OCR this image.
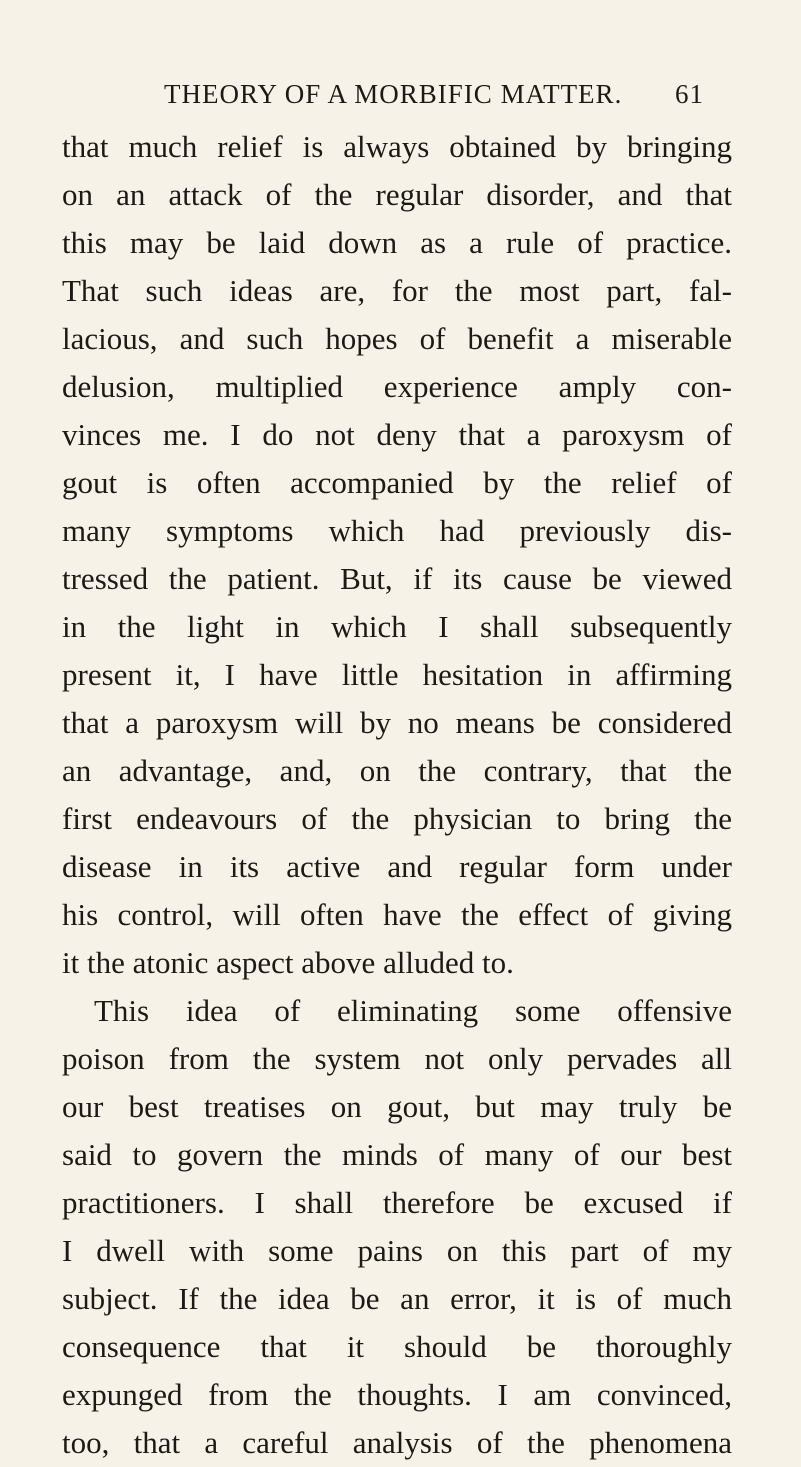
THEORY OF A MORBIFIC MATTER. 61
that much relief is always obtained by bringing
on an attack of the regular disorder, and that
this may be laid down as a rule of practice.
That such ideas are, for the most part, fal-
lacious, and such hopes of benefit a miserable
delusion, multiplied experience amply con-
vinces me. I do not deny that a paroxysm of
gout is often accompanied by the relief of
many symptoms which had previously dis-
tressed the patient. But, if its cause be viewed
in the light in which I shall subsequently
present it, I have little hesitation in affirming
that a paroxysm will by no means be considered
an advantage, and, on the contrary, that the
first endeavours of the physician to bring the
disease in its active and regular form under
his control, will often have the effect of giving
it the atonic aspect above alluded to.
This idea of eliminating some offensive
poison from the system not only pervades all
our best treatises on gout, but may truly be
said to govern the minds of many of our best
practitioners. I shall therefore be excused if
I dwell with some pains on this part of my
subject. If the idea be an error, it is of much
consequence that it should be thoroughly
expunged from the thoughts. I am convinced,
too, that a careful analysis of the phenomena
